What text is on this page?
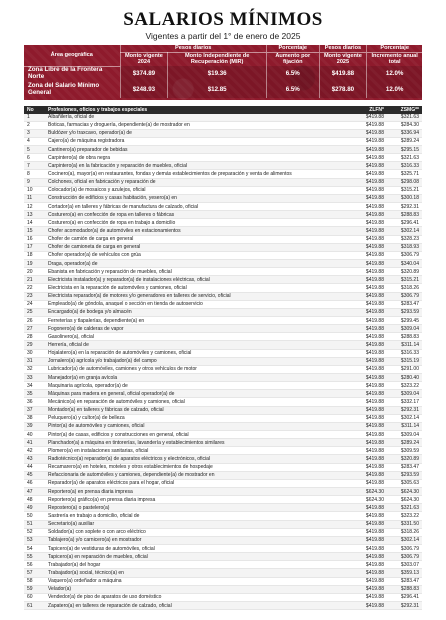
SALARIOS MÍNIMOS
Vigentes a partir del 1° de enero de 2025
Área geográfica	Pesos diarios		Porcentaje	Pesos diarios	Porcentaje
	Monto vigente 2024	Monto Independiente de Recuperación (MIR)	Aumento por fijación	Monto vigente 2025	Incremento anual total
Zona Libre de la Frontera Norte	$374.89	$19.36	6.5%	$419.88	12.0%
Zona del Salario Mínimo General	$248.93	$12.85	6.5%	$278.80	12.0%
No	Profesiones, oficios y trabajos especiales	ZLFN*	ZSMG**
1	Albañilería, oficial de	$419.88	$321.63
2	Boticas, farmacias y droguería, dependiente(a) de mostrador en	$419.88	$284.30
3	Buldózer y/o traxcavo, operador(a) de	$419.88	$336.94
4	Cajero(a) de máquina registradora	$419.88	$289.24
5	Cantinero(a) preparador de bebidas	$419.88	$295.15
6	Carpintero(a) de obra negra	$419.88	$321.63
7	Carpintero(a) en la fabricación y reparación de muebles, oficial	$419.88	$316.33
8	Cocinero(a), mayor(a) en restaurantes, fondas y demás establecimientos de preparación y venta de alimentos	$419.88	$325.71
9	Colchones, oficial en fabricación y reparación de	$419.88	$298.08
10	Colocador(a) de mosaicos y azulejos, oficial	$419.88	$315.21
11	Construcción de edificios y casas habitación, yesero(a) en	$419.88	$300.18
12	Cortador(a) en talleres y fábricas de manufactura de calzado, oficial	$419.88	$292.31
13	Costurero(a) en confección de ropa en talleres o fábricas	$419.88	$288.83
14	Costurero(a) en confección de ropa en trabajo a domicilio	$419.88	$296.41
15	Chofer acomodador(a) de automóviles en estacionamientos	$419.88	$302.14
16	Chofer de camión de carga en general	$419.88	$328.23
17	Chofer de camioneta de carga en general	$419.88	$318.93
18	Chofer operador(a) de vehículos con grúa	$419.88	$306.79
19	Draga, operador(a) de	$419.88	$340.04
20	Ebanista en fabricación y reparación de muebles, oficial	$419.88	$320.89
21	Electricista instalador(a) y reparador(a) de instalaciones eléctricas, oficial	$419.88	$315.21
22	Electricista en la reparación de automóviles y camiones, oficial	$419.88	$318.26
23	Electricista reparador(a) de motores y/o generadores en talleres de servicio, oficial	$419.88	$306.79
24	Empleado(a) de góndola, anaquel o sección en tienda de autoservicio	$419.88	$283.47
25	Encargado(a) de bodega y/o almacén	$419.88	$293.59
26	Ferreterías y tlapalerías, dependiente(a) en	$419.88	$299.45
27	Fogonero(a) de calderas de vapor	$419.88	$309.04
28	Gasolinero(a), oficial	$419.88	$288.83
29	Herrería, oficial de	$419.88	$311.14
30	Hojalatero(a) en la reparación de automóviles y camiones, oficial	$419.88	$316.33
31	Jornalero(a) agrícola y/o trabajador(a) del campo	$419.88	$315.19
32	Lubricador(a) de automóviles, camiones y otros vehículos de motor	$419.88	$291.00
33	Manejador(a) en granja avícola	$419.88	$280.40
34	Maquinaria agrícola, operador(a) de	$419.88	$323.22
35	Máquinas para madera en general, oficial operador(a) de	$419.88	$309.04
36	Mecánico(a) en reparación de automóviles y camiones, oficial	$419.88	$332.17
37	Montador(a) en talleres y fábricas de calzado, oficial	$419.88	$292.31
38	Peluquero(a) y cultor(a) de belleza	$419.88	$302.14
39	Pintor(a) de automóviles y camiones, oficial	$419.88	$311.14
40	Pintor(a) de casas, edificios y construcciones en general, oficial	$419.88	$309.04
41	Planchador(a) a máquina en tintorerías, lavandería y establecimientos similares	$419.88	$289.24
42	Plomero(a) en instalaciones sanitarias, oficial	$419.88	$309.59
43	Radiotécnico(a) reparador(a) de aparatos eléctricos y electrónicos, oficial	$419.88	$320.89
44	Recamarero(a) en hoteles, moteles y otros establecimientos de hospedaje	$419.88	$283.47
45	Refaccionaria de automóviles y camiones, dependiente(a) de mostrador en	$419.88	$293.59
46	Reparador(a) de aparatos eléctricos para el hogar, oficial	$419.88	$305.63
47	Reportero(a) en prensa diaria impresa	$624.30	$624.30
48	Reportero(a) gráfico(a) en prensa diaria impresa	$624.30	$624.30
49	Repostero(a) o pastelero(a)	$419.88	$321.63
50	Sastrería en trabajo a domicilio, oficial de	$419.88	$323.22
51	Secretario(a) auxiliar	$419.88	$331.50
52	Soldador(a) con soplete o con arco eléctrico	$419.88	$318.26
53	Tablajero(a) y/o carnicero(a) en mostrador	$419.88	$302.14
54	Tapicero(a) de vestiduras de automóviles, oficial	$419.88	$306.79
55	Tapicero(a) en reparación de muebles, oficial	$419.88	$306.79
56	Trabajador(a) del hogar	$419.88	$303.07
57	Trabajador(a) social, técnico(a) en	$419.88	$359.13
58	Vaquero(a) ordeñador a máquina	$419.88	$283.47
59	Velador(a)	$419.88	$288.83
60	Vendedor(a) de piso de aparatos de uso doméstico	$419.88	$296.41
61	Zapatero(a) en talleres de reparación de calzado, oficial	$419.88	$292.31
